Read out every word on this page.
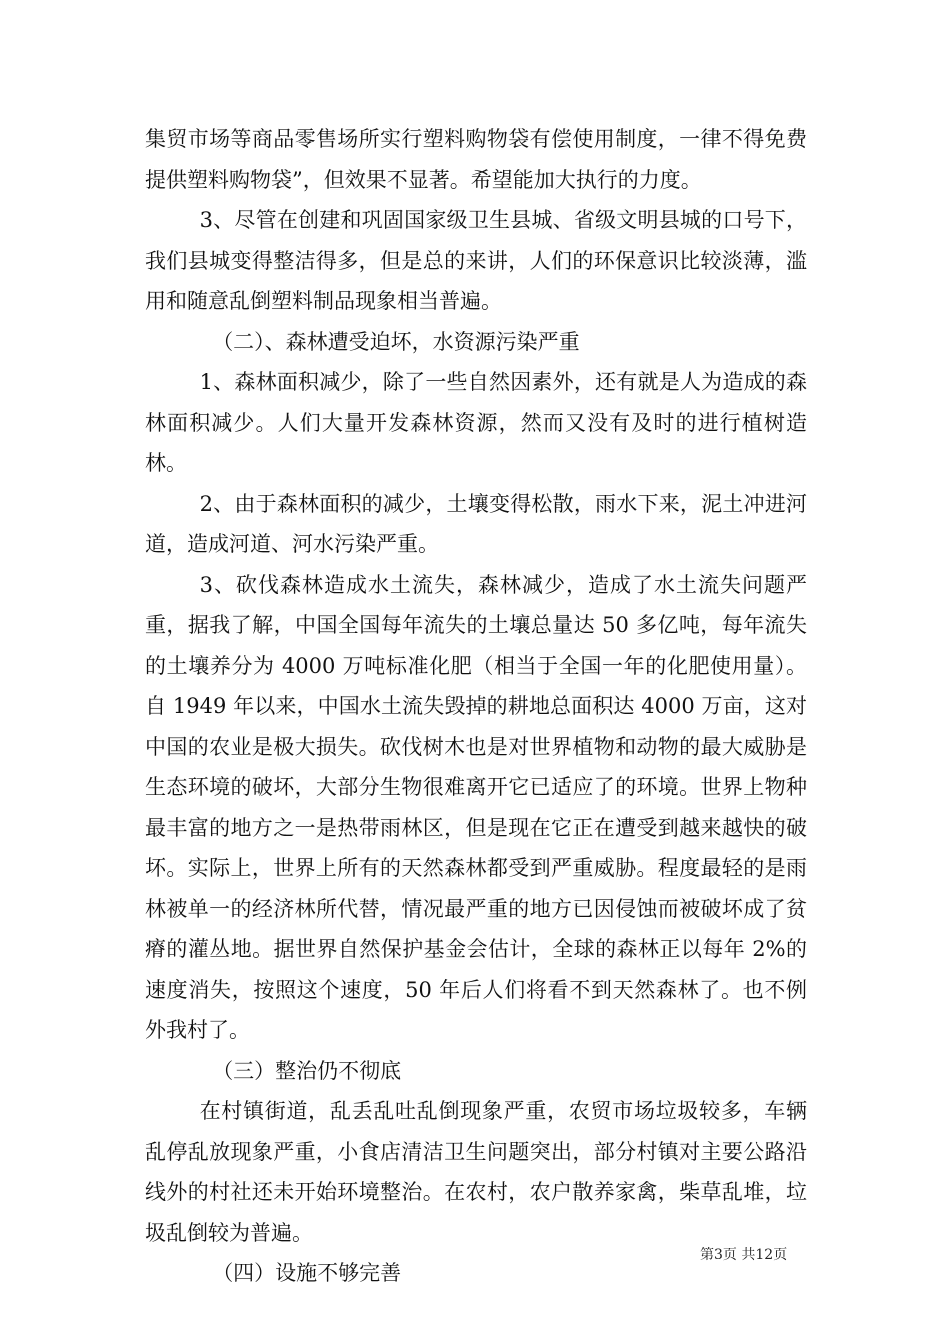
集贸市场等商品零售场所实行塑料购物袋有偿使用制度，一律不得免费提供塑料购物袋”，但效果不显著。希望能加大执行的力度。

3、尽管在创建和巩固国家级卫生县城、省级文明县城的口号下，我们县城变得整洁得多，但是总的来讲，人们的环保意识比较淡薄，滥用和随意乱倒塑料制品现象相当普遍。

（二）、森林遭受迫坏，水资源污染严重

1、森林面积减少，除了一些自然因素外，还有就是人为造成的森林面积减少。人们大量开发森林资源，然而又没有及时的进行植树造林。

2、由于森林面积的减少，土壤变得松散，雨水下来，泥土冲进河道，造成河道、河水污染严重。

3、砍伐森林造成水土流失，森林减少，造成了水土流失问题严重，据我了解，中国全国每年流失的土壤总量达 50 多亿吨，每年流失的土壤养分为 4000 万吨标准化肥（相当于全国一年的化肥使用量）。自 1949 年以来，中国水土流失毁掉的耕地总面积达 4000 万亩，这对中国的农业是极大损失。砍伐树木也是对世界植物和动物的最大威胁是生态环境的破坏，大部分生物很难离开它已适应了的环境。世界上物种最丰富的地方之一是热带雨林区，但是现在它正在遭受到越来越快的破坏。实际上，世界上所有的天然森林都受到严重威胁。程度最轻的是雨林被单一的经济林所代替，情况最严重的地方已因侵蚀而被破坏成了贫瘠的灌丛地。据世界自然保护基金会估计，全球的森林正以每年 2%的速度消失，按照这个速度，50 年后人们将看不到天然森林了。也不例外我村了。

（三）整治仍不彻底

在村镇街道，乱丢乱吐乱倒现象严重，农贸市场垃圾较多，车辆乱停乱放现象严重，小食店清洁卫生问题突出，部分村镇对主要公路沿线外的村社还未开始环境整治。在农村，农户散养家禽，柴草乱堆，垃圾乱倒较为普遍。

（四）设施不够完善

第3页 共12页
